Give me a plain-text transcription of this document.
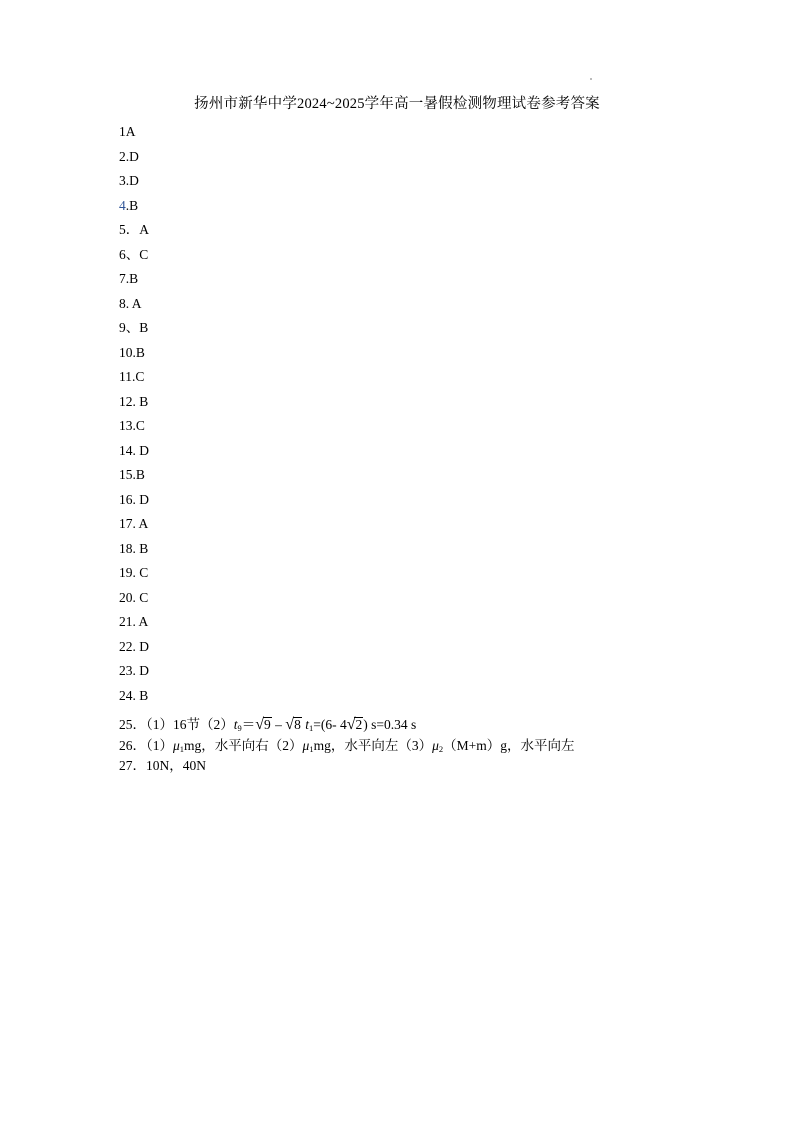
扬州市新华中学2024~2025学年高一暑假检测物理试卷参考答案
1A
2.D
3.D
4.B
5．A
6、C
7.B
8. A
9、B
10.B
11.C
12. B
13.C
14. D
15.B
16. D
17. A
18. B
19. C
20. C
21. A
22. D
23. D
24. B
25．（1）16节（2）t9＝√9 – √8 t1=(6- 4√2) s=0.34 s
26．（1）μ1mg，水平向右（2）μ1mg，水平向左（3）μ2（M+m）g，水平向左
27．10N，40N
